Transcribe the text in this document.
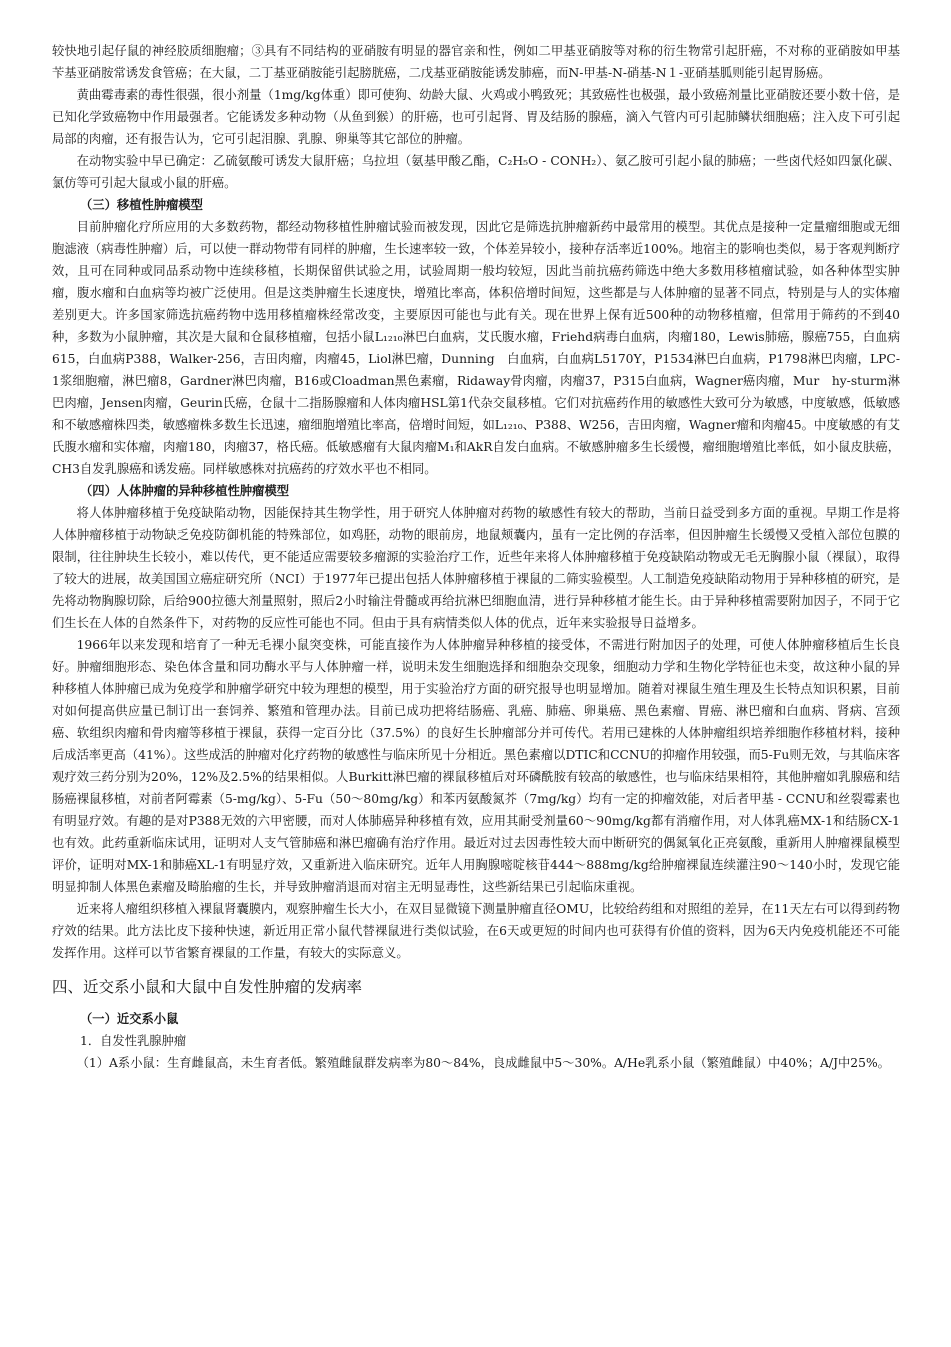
较快地引起仔鼠的神经胶质细胞瘤；③具有不同结构的亚硝胺有明显的器官亲和性，例如二甲基亚硝胺等对称的衍生物常引起肝癌，不对称的亚硝胺如甲基苄基亚硝胺常诱发食管癌；在大鼠，二丁基亚硝胺能引起膀胱癌，二戊基亚硝胺能诱发肺癌，而N-甲基-N-硝基-N１-亚硝基胍则能引起胃肠癌。

黄曲霉毒素的毒性很强，很小剂量（1mg/kg体重）即可使狗、幼龄大鼠、火鸡或小鸭致死；其致癌性也极强，最小致癌剂量比亚硝胺还要小数十倍，是已知化学致癌物中作用最强者。它能诱发多种动物（从鱼到猴）的肝癌，也可引起肾、胃及结肠的腺癌，滴入气管内可引起肺鳞状细胞癌；注入皮下可引起局部的肉瘤，还有报告认为，它可引起泪腺、乳腺、卵巢等其它部位的肿瘤。

在动物实验中早已确定：乙硫氨酸可诱发大鼠肝癌；乌拉坦（氨基甲酸乙酯，C₂H₅O - CONH₂）、氨乙胺可引起小鼠的肺癌；一些卤代烃如四氯化碳、氯仿等可引起大鼠或小鼠的肝癌。

（三）移植性肿瘤模型

目前肿瘤化疗所应用的大多数药物，都经动物移植性肿瘤试验而被发现，因此它是筛选抗肿瘤新药中最常用的模型。其优点是接种一定量瘤细胞或无细胞滤液（病毒性肿瘤）后，可以使一群动物带有同样的肿瘤，生长速率较一致，个体差异较小，接种存活率近100%。地宿主的影响也类似，易于客观判断疗效，且可在同种或同品系动物中连续移植，长期保留供试验之用，试验周期一般均较短，因此当前抗癌药筛选中绝大多数用移植瘤试验，如各种体型实肿瘤，腹水瘤和白血病等均被广泛使用。但是这类肿瘤生长速度快，增殖比率高，体积倍增时间短，这些都是与人体肿瘤的显著不同点，特别是与人的实体瘤差别更大。许多国家筛选抗癌药物中选用移植瘤株经常改变，主要原因可能也与此有关。现在世界上保有近500种的动物移植瘤，但常用于筛药的不到40种，多数为小鼠肿瘤，其次是大鼠和仓鼠移植瘤，包括小鼠L₁₂₁₀淋巴白血病，艾氏腹水瘤，Friehd病毒白血病，肉瘤180，Lewis肺癌，腺癌755，白血病615，白血病P388，Walker-256，吉田肉瘤，肉瘤45，Liol淋巴瘤，Dunning　白血病，白血病L5170Y，P1534淋巴白血病，P1798淋巴肉瘤，LPC-1浆细胞瘤，淋巴瘤8，Gardner淋巴肉瘤，B16或Cloadman黑色素瘤，Ridaway骨肉瘤，肉瘤37，P315白血病，Wagner癌肉瘤，Mur　hy-sturm淋巴肉瘤，Jensen肉瘤，Geurin氏癌，仓鼠十二指肠腺瘤和人体肉瘤HSL第1代杂交鼠移植。它们对抗癌药作用的敏感性大致可分为敏感，中度敏感，低敏感和不敏感瘤株四类，敏感瘤株多数生长迅速，瘤细胞增殖比率高，倍增时间短，如L₁₂₁₀、P388、W256，吉田肉瘤，Wagner瘤和肉瘤45。中度敏感的有艾氏腹水瘤和实体瘤，肉瘤180，肉瘤37，格氏癌。低敏感瘤有大鼠肉瘤M₁和AkR自发白血病。不敏感肿瘤多生长缓慢，瘤细胞增殖比率低，如小鼠皮肤癌，CH3自发乳腺癌和诱发癌。同样敏感株对抗癌药的疗效水平也不相同。

（四）人体肿瘤的异种移植性肿瘤模型

将人体肿瘤移植于免疫缺陷动物，因能保持其生物学性，用于研究人体肿瘤对药物的敏感性有较大的帮助，当前日益受到多方面的重视。早期工作是将人体肿瘤移植于动物缺乏免疫防御机能的特殊部位，如鸡胚，动物的眼前房，地鼠颊囊内，虽有一定比例的存活率，但因肿瘤生长缓慢又受植入部位包膜的限制，往往肿块生长较小，难以传代，更不能适应需要较多瘤源的实验治疗工作，近些年来将人体肿瘤移植于免疫缺陷动物或无毛无胸腺小鼠（裸鼠），取得了较大的进展，故美国国立癌症研究所（NCI）于1977年已提出包括人体肿瘤移植于裸鼠的二筛实验模型。人工制造免疫缺陷动物用于异种移植的研究，是先将动物胸腺切除，后给900拉德大剂量照射，照后2小时输注骨髓或再给抗淋巴细胞血清，进行异种移植才能生长。由于异种移植需要附加因子，不同于它们生长在人体的自然条件下，对药物的反应性可能也不同。但由于具有病情类似人体的优点，近年来实验报导日益增多。

1966年以来发现和培育了一种无毛裸小鼠突变株，可能直接作为人体肿瘤异种移植的接受体，不需进行附加因子的处理，可使人体肿瘤移植后生长良好。肿瘤细胞形态、染色体含量和同功酶水平与人体肿瘤一样，说明未发生细胞选择和细胞杂交现象，细胞动力学和生物化学特征也未变，故这种小鼠的异种移植人体肿瘤已成为免疫学和肿瘤学研究中较为理想的模型，用于实验治疗方面的研究报导也明显增加。随着对裸鼠生殖生理及生长特点知识积累，目前对如何提高供应量已制订出一套饲养、繁殖和管理办法。目前已成功把将结肠癌、乳癌、肺癌、卵巢癌、黑色素瘤、胃癌、淋巴瘤和白血病、肾病、宫颈癌、软组织肉瘤和骨肉瘤等移植于裸鼠，获得一定百分比（37.5%）的良好生长肿瘤部分并可传代。若用已建株的人体肿瘤组织培养细胞作移植材料，接种后成活率更高（41%）。这些成活的肿瘤对化疗药物的敏感性与临床所见十分相近。黑色素瘤以DTIC和CCNU的抑瘤作用较强，而5-Fu则无效，与其临床客观疗效三药分别为20%，12%及2.5%的结果相似。人Burkitt淋巴瘤的裸鼠移植后对环磷酰胺有较高的敏感性，也与临床结果相符，其他肿瘤如乳腺癌和结肠癌裸鼠移植，对前者阿霉素（5-mg/kg）、5-Fu（50～80mg/kg）和苯丙氨酸氮芥（7mg/kg）均有一定的抑瘤效能，对后者甲基 - CCNU和丝裂霉素也有明显疗效。有趣的是对P388无效的六甲密腰，而对人体肺癌异种移植有效，应用其耐受剂量60～90mg/kg都有消瘤作用，对人体乳癌MX-1和结肠CX-1也有效。此药重新临床试用，证明对人支气管肺癌和淋巴瘤确有治疗作用。最近对过去因毒性较大而中断研究的偶氮氧化正亮氨酸，重新用人肿瘤裸鼠模型评价，证明对MX-1和肺癌XL-1有明显疗效，又重新进入临床研究。近年人用胸腺嘧啶核苷444～888mg/kg给肿瘤裸鼠连续灌注90～140小时，发现它能明显抑制人体黑色素瘤及畸胎瘤的生长，并导致肿瘤消退而对宿主无明显毒性，这些新结果已引起临床重视。

近来将人瘤组织移植入裸鼠肾囊膜内，观察肿瘤生长大小，在双目显微镜下测量肿瘤直径OMU，比较给药组和对照组的差异，在11天左右可以得到药物疗效的结果。此方法比皮下接种快速，新近用正常小鼠代替裸鼠进行类似试验，在6天或更短的时间内也可获得有价值的资料，因为6天内免疫机能还不可能发挥作用。这样可以节省繁育裸鼠的工作量，有较大的实际意义。

四、近交系小鼠和大鼠中自发性肿瘤的发病率

（一）近交系小鼠

1．自发性乳腺肿瘤

（1）A系小鼠：生育雌鼠高，未生育者低。繁殖雌鼠群发病率为80～84%，良成雌鼠中5～30%。A/He乳系小鼠（繁殖雌鼠）中40%；A/J中25%。
